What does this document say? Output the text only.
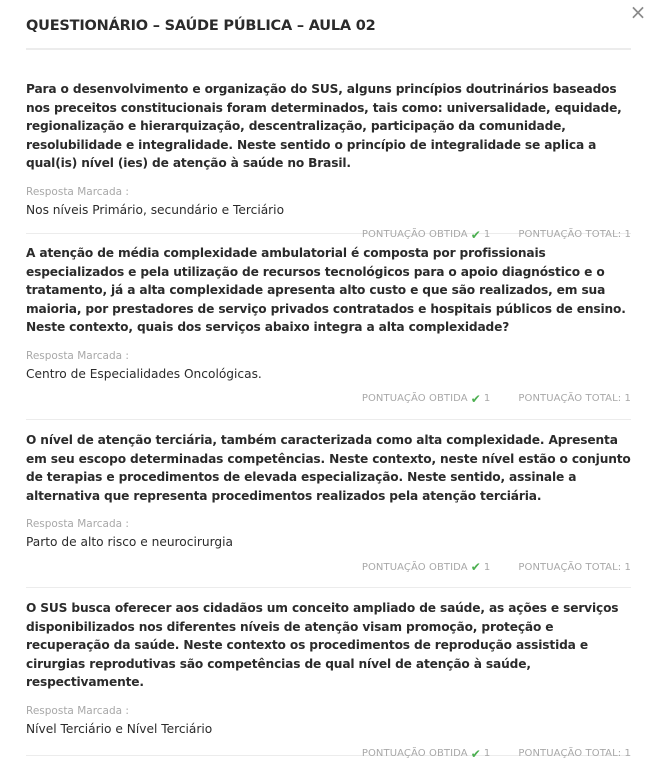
QUESTIONÁRIO – SAÚDE PÚBLICA – AULA 02
×

Para o desenvolvimento e organização do SUS, alguns princípios doutrinários baseados nos preceitos constitucionais foram determinados, tais como: universalidade, equidade, regionalização e hierarquização, descentralização, participação da comunidade, resolubilidade e integralidade. Neste sentido o princípio de integralidade se aplica a qual(is) nível (ies) de atenção à saúde no Brasil.

Resposta Marcada :
Nos níveis Primário, secundário e Terciário
PONTUAÇÃO OBTIDA ✔ 1	PONTUAÇÃO TOTAL: 1

A atenção de média complexidade ambulatorial é composta por profissionais especializados e pela utilização de recursos tecnológicos para o apoio diagnóstico e o tratamento, já a alta complexidade apresenta alto custo e que são realizados, em sua maioria, por prestadores de serviço privados contratados e hospitais públicos de ensino. Neste contexto, quais dos serviços abaixo integra a alta complexidade?

Resposta Marcada :
Centro de Especialidades Oncológicas.
PONTUAÇÃO OBTIDA ✔ 1	PONTUAÇÃO TOTAL: 1

O nível de atenção terciária, também caracterizada como alta complexidade. Apresenta em seu escopo determinadas competências. Neste contexto, neste nível estão o conjunto de terapias e procedimentos de elevada especialização. Neste sentido, assinale a alternativa que representa procedimentos realizados pela atenção terciária.

Resposta Marcada :
Parto de alto risco e neurocirurgia
PONTUAÇÃO OBTIDA ✔ 1	PONTUAÇÃO TOTAL: 1

O SUS busca oferecer aos cidadãos um conceito ampliado de saúde, as ações e serviços disponibilizados nos diferentes níveis de atenção visam promoção, proteção e recuperação da saúde. Neste contexto os procedimentos de reprodução assistida e cirurgias reprodutivas são competências de qual nível de atenção à saúde, respectivamente.

Resposta Marcada :
Nível Terciário e Nível Terciário
PONTUAÇÃO OBTIDA ✔ 1	PONTUAÇÃO TOTAL: 1
